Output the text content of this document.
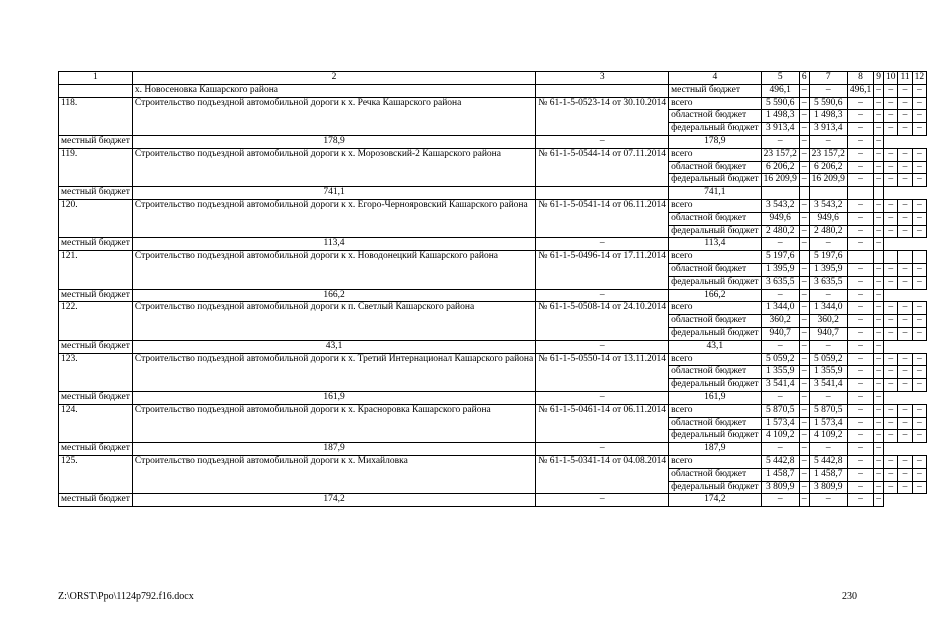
1	2	3	4	5	6	7	8	9	10	11	12
	х. Новосеновка Кашарского района		местный бюджет	496,1	–	–	496,1	–	–	–	–
118.	Строительство подъездной автомобильной дороги к х. Речка Кашарского района	№ 61-1-5-0523-14 от 30.10.2014	всего	5 590,6	–	5 590,6	–	–	–	–	–
			областной бюджет	1 498,3	–	1 498,3	–	–	–	–	–
			федеральный бюджет	3 913,4	–	3 913,4	–	–	–	–	–
местный бюджет	178,9	–	178,9	–	–	–	–	–			
119.	Строительство подъездной автомобильной дороги к х. Морозовский-2 Кашарского района	№ 61-1-5-0544-14 от 07.11.2014	всего	23 157,2	–	23 157,2	–	–	–	–	–
			областной бюджет	6 206,2	–	6 206,2	–	–	–	–	–
			федеральный бюджет	16 209,9	–	16 209,9	–	–	–	–	–
местный бюджет	741,1		741,1								
120.	Строительство подъездной автомобильной дороги к х. Егоро-Чернояровский Кашарского района	№ 61-1-5-0541-14 от 06.11.2014	всего	3 543,2	–	3 543,2	–	–	–	–	–
			областной бюджет	949,6	–	949,6	–	–	–	–	–
			федеральный бюджет	2 480,2	–	2 480,2	–	–	–	–	–
местный бюджет	113,4	–	113,4	–	–	–	–	–			
121.	Строительство подъездной автомобильной дороги к х. Новодонецкий Кашарского района	№ 61-1-5-0496-14 от 17.11.2014	всего	5 197,6		5 197,6					
			областной бюджет	1 395,9	–	1 395,9	–	–	–	–	–
			федеральный бюджет	3 635,5	–	3 635,5	–	–	–	–	–
местный бюджет	166,2	–	166,2	–	–	–	–	–			
122.	Строительство подъездной автомобильной дороги к п. Светлый Кашарского района	№ 61-1-5-0508-14 от 24.10.2014	всего	1 344,0	–	1 344,0	–	–	–	–	–
			областной бюджет	360,2	–	360,2	–	–	–	–	–
			федеральный бюджет	940,7	–	940,7	–	–	–	–	–
местный бюджет	43,1	–	43,1	–	–	–	–	–			
123.	Строительство подъездной автомобильной дороги к х. Третий Интернационал Кашарского района	№ 61-1-5-0550-14 от 13.11.2014	всего	5 059,2	–	5 059,2	–	–	–	–	–
			областной бюджет	1 355,9	–	1 355,9	–	–	–	–	–
			федеральный бюджет	3 541,4	–	3 541,4	–	–	–	–	–
местный бюджет	161,9	–	161,9	–	–	–	–	–			
124.	Строительство подъездной автомобильной дороги к х. Красноровка Кашарского района	№ 61-1-5-0461-14 от 06.11.2014	всего	5 870,5	–	5 870,5	–	–	–	–	–
			областной бюджет	1 573,4	–	1 573,4	–	–	–	–	–
			федеральный бюджет	4 109,2	–	4 109,2	–	–	–	–	–
местный бюджет	187,9	–	187,9	–	–	–	–	–			
125.	Строительство подъездной автомобильной дороги к х. Михайловка	№ 61-1-5-0341-14 от 04.08.2014	всего	5 442,8	–	5 442,8	–	–	–	–	–
			областной бюджет	1 458,7	–	1 458,7	–	–	–	–	–
			федеральный бюджет	3 809,9	–	3 809,9	–	–	–	–	–
местный бюджет	174,2	–	174,2	–	–	–	–	–			
Z:\ORST\Ppo\1124p792.f16.docx	230
